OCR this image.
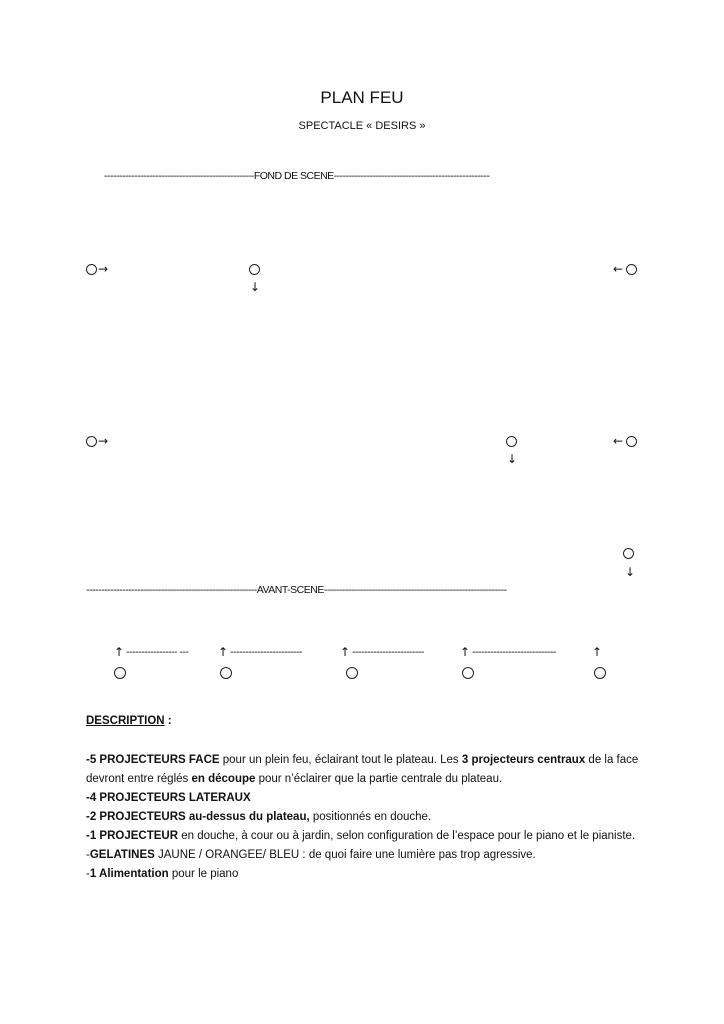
PLAN FEU
SPECTACLE « DESIRS »
--------------------------------------------------FOND DE SCENE----------------------------------------------------
→
↓
←
→
↓
←
↓
---------------------------------------------------------AVANT-SCENE-------------------------------------------------------------
↑ ----------------- --- ↑ ------------------------	↑ ------------------------	↑ ----------------------------	↑

DESCRIPTION :

-5 PROJECTEURS FACE pour un plein feu, éclairant tout le plateau. Les 3 projecteurs centraux de la face devront entre réglés en découpe pour n’éclairer que la partie centrale du plateau.

-4 PROJECTEURS LATERAUX

-2 PROJECTEURS au-dessus du plateau, positionnés en douche.

-1 PROJECTEUR en douche, à cour ou à jardin, selon configuration de l’espace pour le piano et le pianiste.

-GELATINES JAUNE / ORANGEE/ BLEU : de quoi faire une lumière pas trop agressive.

-1 Alimentation pour le piano
